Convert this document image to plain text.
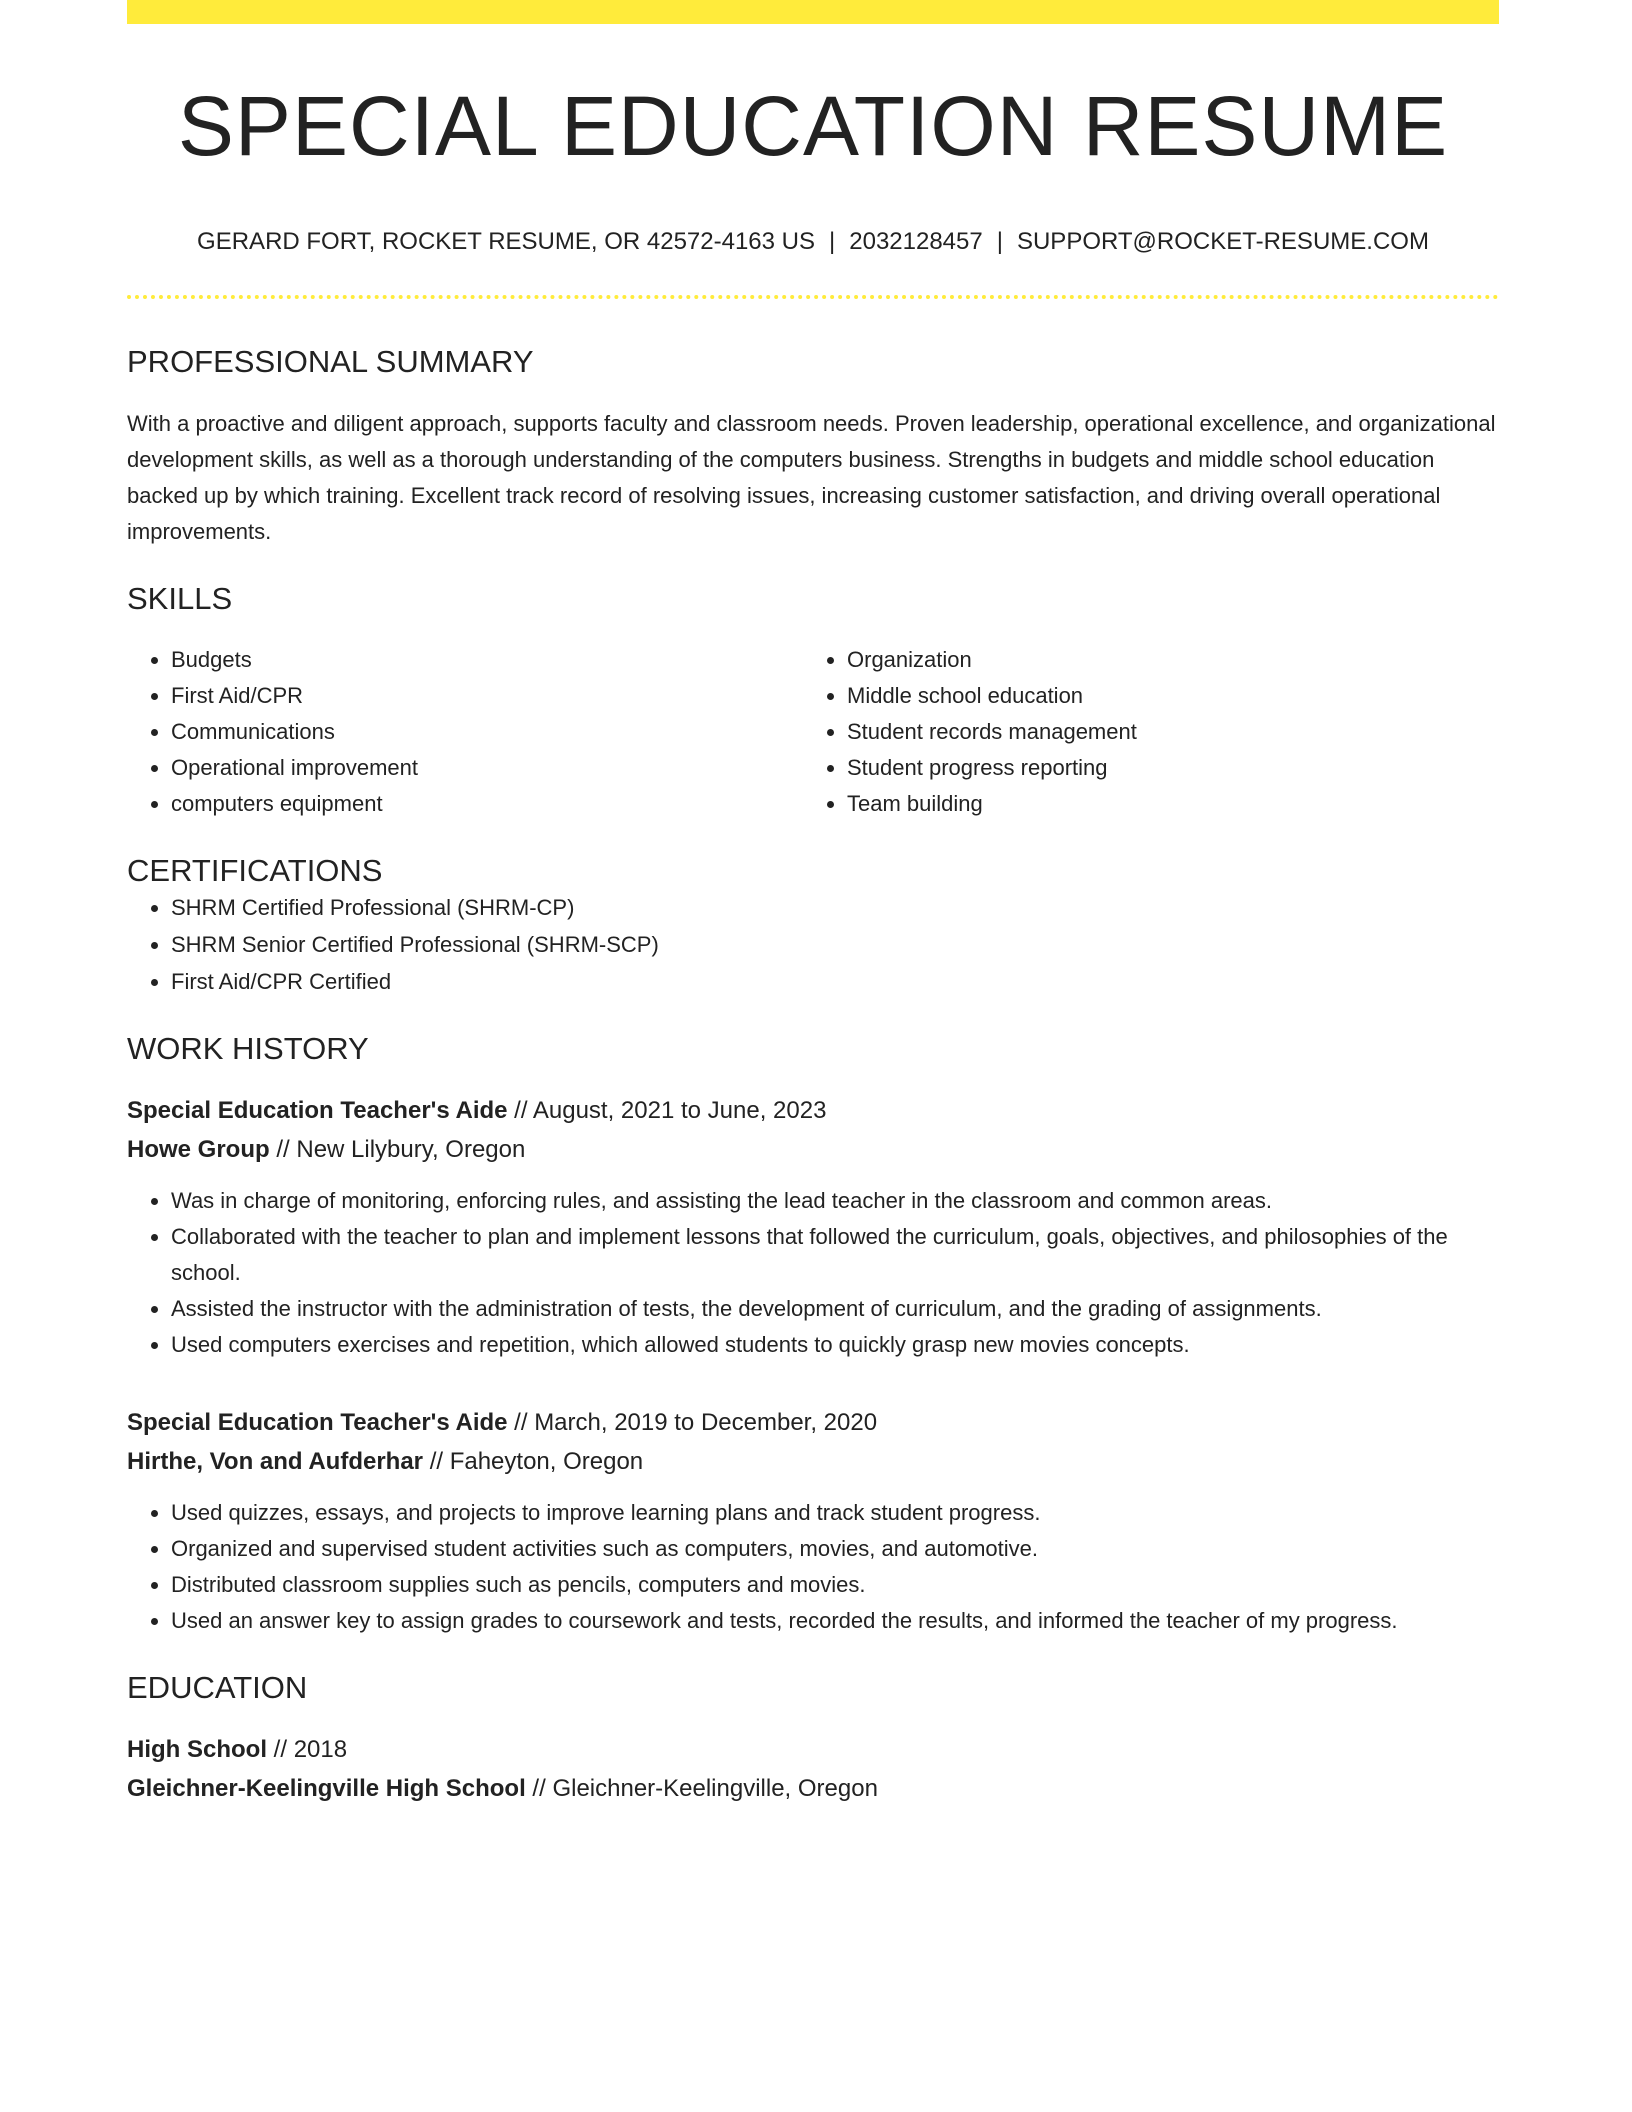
SPECIAL EDUCATION RESUME
GERARD FORT, ROCKET RESUME, OR 42572-4163 US | 2032128457 | SUPPORT@ROCKET-RESUME.COM
PROFESSIONAL SUMMARY
With a proactive and diligent approach, supports faculty and classroom needs. Proven leadership, operational excellence, and organizational development skills, as well as a thorough understanding of the computers business. Strengths in budgets and middle school education backed up by which training. Excellent track record of resolving issues, increasing customer satisfaction, and driving overall operational improvements.
SKILLS
• Budgets
• First Aid/CPR
• Communications
• Operational improvement
• computers equipment
• Organization
• Middle school education
• Student records management
• Student progress reporting
• Team building
CERTIFICATIONS
• SHRM Certified Professional (SHRM-CP)
• SHRM Senior Certified Professional (SHRM-SCP)
• First Aid/CPR Certified
WORK HISTORY
Special Education Teacher's Aide // August, 2021 to June, 2023
Howe Group // New Lilybury, Oregon
• Was in charge of monitoring, enforcing rules, and assisting the lead teacher in the classroom and common areas.
• Collaborated with the teacher to plan and implement lessons that followed the curriculum, goals, objectives, and philosophies of the school.
• Assisted the instructor with the administration of tests, the development of curriculum, and the grading of assignments.
• Used computers exercises and repetition, which allowed students to quickly grasp new movies concepts.
Special Education Teacher's Aide // March, 2019 to December, 2020
Hirthe, Von and Aufderhar // Faheyton, Oregon
• Used quizzes, essays, and projects to improve learning plans and track student progress.
• Organized and supervised student activities such as computers, movies, and automotive.
• Distributed classroom supplies such as pencils, computers and movies.
• Used an answer key to assign grades to coursework and tests, recorded the results, and informed the teacher of my progress.
EDUCATION
High School // 2018
Gleichner-Keelingville High School // Gleichner-Keelingville, Oregon
